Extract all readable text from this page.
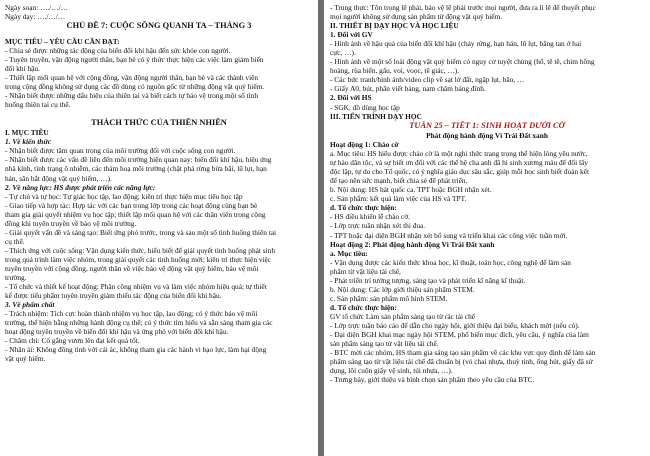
Ngày soạn: …./…/…
Ngày dạy: …./…/…
CHỦ ĐỀ 7: CUỘC SỐNG QUANH TA – THÁNG 3
MỤC TIÊU – YÊU CẦU CẦN ĐẠT:
- Chia sẻ được những tác động của biến đổi khí hậu đến sức khỏe con người.
- Tuyên truyền, vận động người thân, bạn bè có ý thức thực hiện các việc làm giảm biến
đổi khí hậu.
- Thiết lập mối quan hệ với cộng đồng, vận động người thân, bạn bè và các thành viên
trong cộng đồng không sử dụng các đồ dùng có nguồn gốc từ những động vật quý hiếm.
- Nhận biết được những dấu hiệu của thiên tai và biết cách tự bảo vệ trong một số tình
huống thiên tai cụ thể.
THÁCH THỨC CỦA THIÊN NHIÊN
I. MỤC TIÊU
1. Về kiến thức
- Nhận biết được tầm quan trọng của môi trường đối với cuộc sống con người.
- Nhận biết được các vấn đề liên đến môi trường hiện quan nay: biến đổi khí hậu, hiệu ứng
nhà kính, tình trạng ô nhiễm, các thảm hoạ môi trường (chặt phá rừng bừa bãi, lũ lụt, hạn
hán, săn bắt động vật quý hiếm, …).
2. Về năng lực: HS được phát triển các năng lực:
- Tự chủ và tự học: Tự giác học tập, lao động; kiên trì thực hiện mục tiêu học tập
- Giao tiếp và hợp tác: Hợp tác với các bạn trong lớp trong các hoạt động cùng bạn bè
tham gia giải quyết nhiệm vụ học tập; thiết lập mối quan hệ với các thân viên trong cộng
đồng khi tuyên truyền về bảo vệ môi trường.
- Giải quyết vấn đề và sáng tạo: Biết ứng phó trước, trong và sau một số tình huống thiên tai
cụ thể.
- Thích ứng với cuộc sống: Vận dụng kiến thức, hiểu biết để giải quyết tình huống phát sinh
trong quá trình làm việc nhóm, trong giải quyết các tình huống mới; kiên trì thực hiện việc
tuyên truyền với cộng đồng, người thân về việc bảo vệ động vật quý hiếm, bảo vệ môi
trường.
- Tổ chức và thiết kế hoạt động: Phân công nhiệm vụ và làm việc nhóm hiệu quả; tự thiết
kế được tiểu phẩm tuyên truyền giảm thiểu tác động của biến đổi khí hậu.
3. Về phẩm chất
- Trách nhiệm: Tích cực hoàn thành nhiệm vụ học tập, lao động; có ý thức bảo vệ môi
trường, thể hiện bằng những hành động cụ thể; có ý thức tìm hiểu và sẵn sàng tham gia các
hoạt động tuyên truyền về biến đổi khí hậu và ứng phó với biến đổi khí hậu.
- Chăm chỉ: Cố gắng vươn lên đạt kết quả tốt.
- Nhân ái: Không đồng tình với cái ác, không tham gia các hành vi bạo lực, làm hại động
vật quý hiếm.
- Trung thực: Tôn trọng lẽ phải, bảo vệ lẽ phải trước mọi người, đưa ra lí lẽ để thuyết phục
mọi người không sử dụng sản phẩm từ động vật quý hiếm.
II. THIẾT BỊ DẠY HỌC VÀ HỌC LIỆU
1. Đối với GV
- Hình ảnh về hậu quả của biến đổi khí hậu (cháy rừng, hạn hán, lũ lụt, băng tan ở hai
cực, …).
- Hình ảnh về một số loài động vật quý hiếm có nguy cơ tuyệt chủng (hổ, tê tê, chim hồng
hoàng, rùa biển, gấu, voi, voọc, tê giác, …).
- Các bức tranh/hình ảnh/video clip về sạt lở đất, ngập lụt, bão, …
- Giấy A0, bút, phấn viết bảng, nam châm bảng đính.
2. Đối với HS
- SGK, đồ dùng học tập
III. TIẾN TRÌNH DẠY HỌC
TUẦN 25 – TIẾT 1: SINH HOẠT DƯỚI CỜ
Phát động hành động Vì Trái Đất xanh
Hoạt động 1: Chào cờ
a. Mục tiêu: HS hiểu được chào cờ là một nghi thức trang trọng thể hiện lòng yêu nước,
tự hào dân tộc, và sự biết ơn đối với các thế hệ cha anh đã hi sinh xương máu để đổi lấy
độc lập, tự do cho Tổ quốc, có ý nghĩa giáo dục sâu sắc, giúp mỗi học sinh biết đoàn kết
để tạo nên sức mạnh, biết chia sẻ để phát triển.
b. Nội dung: HS hát quốc ca. TPT hoặc BGH nhận xét.
c. Sản phẩm: kết quả làm việc của HS và TPT.
d. Tổ chức thực hiện:
- HS điều khiển lễ chào cờ.
- Lớp trực tuần nhận xét thi đua.
- TPT hoặc đại diện BGH nhận xét bổ sung và triển khai các công việc tuần mới.
Hoạt động 2: Phát động hành động Vì Trái Đất xanh
a. Mục tiêu:
- Vận dụng được các kiến thức khoa học, kĩ thuật, toán học, công nghệ để làm sản
phẩm từ vật liệu tái chế,
- Phát triển trí tưởng tượng, sáng tạo và phát triển kĩ năng kĩ thuật.
b. Nội dung: Các lớp giới thiệu sản phẩm STEM.
c. Sản phẩm: sản phẩm mô hình STEM.
d. Tổ chức thực hiện:
GV tổ chức Làm sản phẩm sáng tạo từ rác tái chế
- Lớp trực tuần báo cáo để dẫn cho ngày hội, giới thiệu đại biểu, khách mời (nếu có).
- Đại diện BGH khai mạc ngày hội STEM, phổ biến mục đích, yêu cầu, ý nghĩa của làm
sản phẩm sáng tạo từ vật liệu tái chế.
- BTC mời các nhóm, HS tham gia sáng tạo sản phẩm về các khu vực quy định để làm sản
phẩm sáng tạo từ vật liệu tái chế đã chuẩn bị (vỏ chai nhựa, thuỳ tinh, ống hút, giấy đã sử
dụng, lõi cuộn giấy vệ sinh, túi nhựa, …).
- Trưng bày, giới thiệu và bình chọn sản phẩm theo yêu cầu của BTC.
